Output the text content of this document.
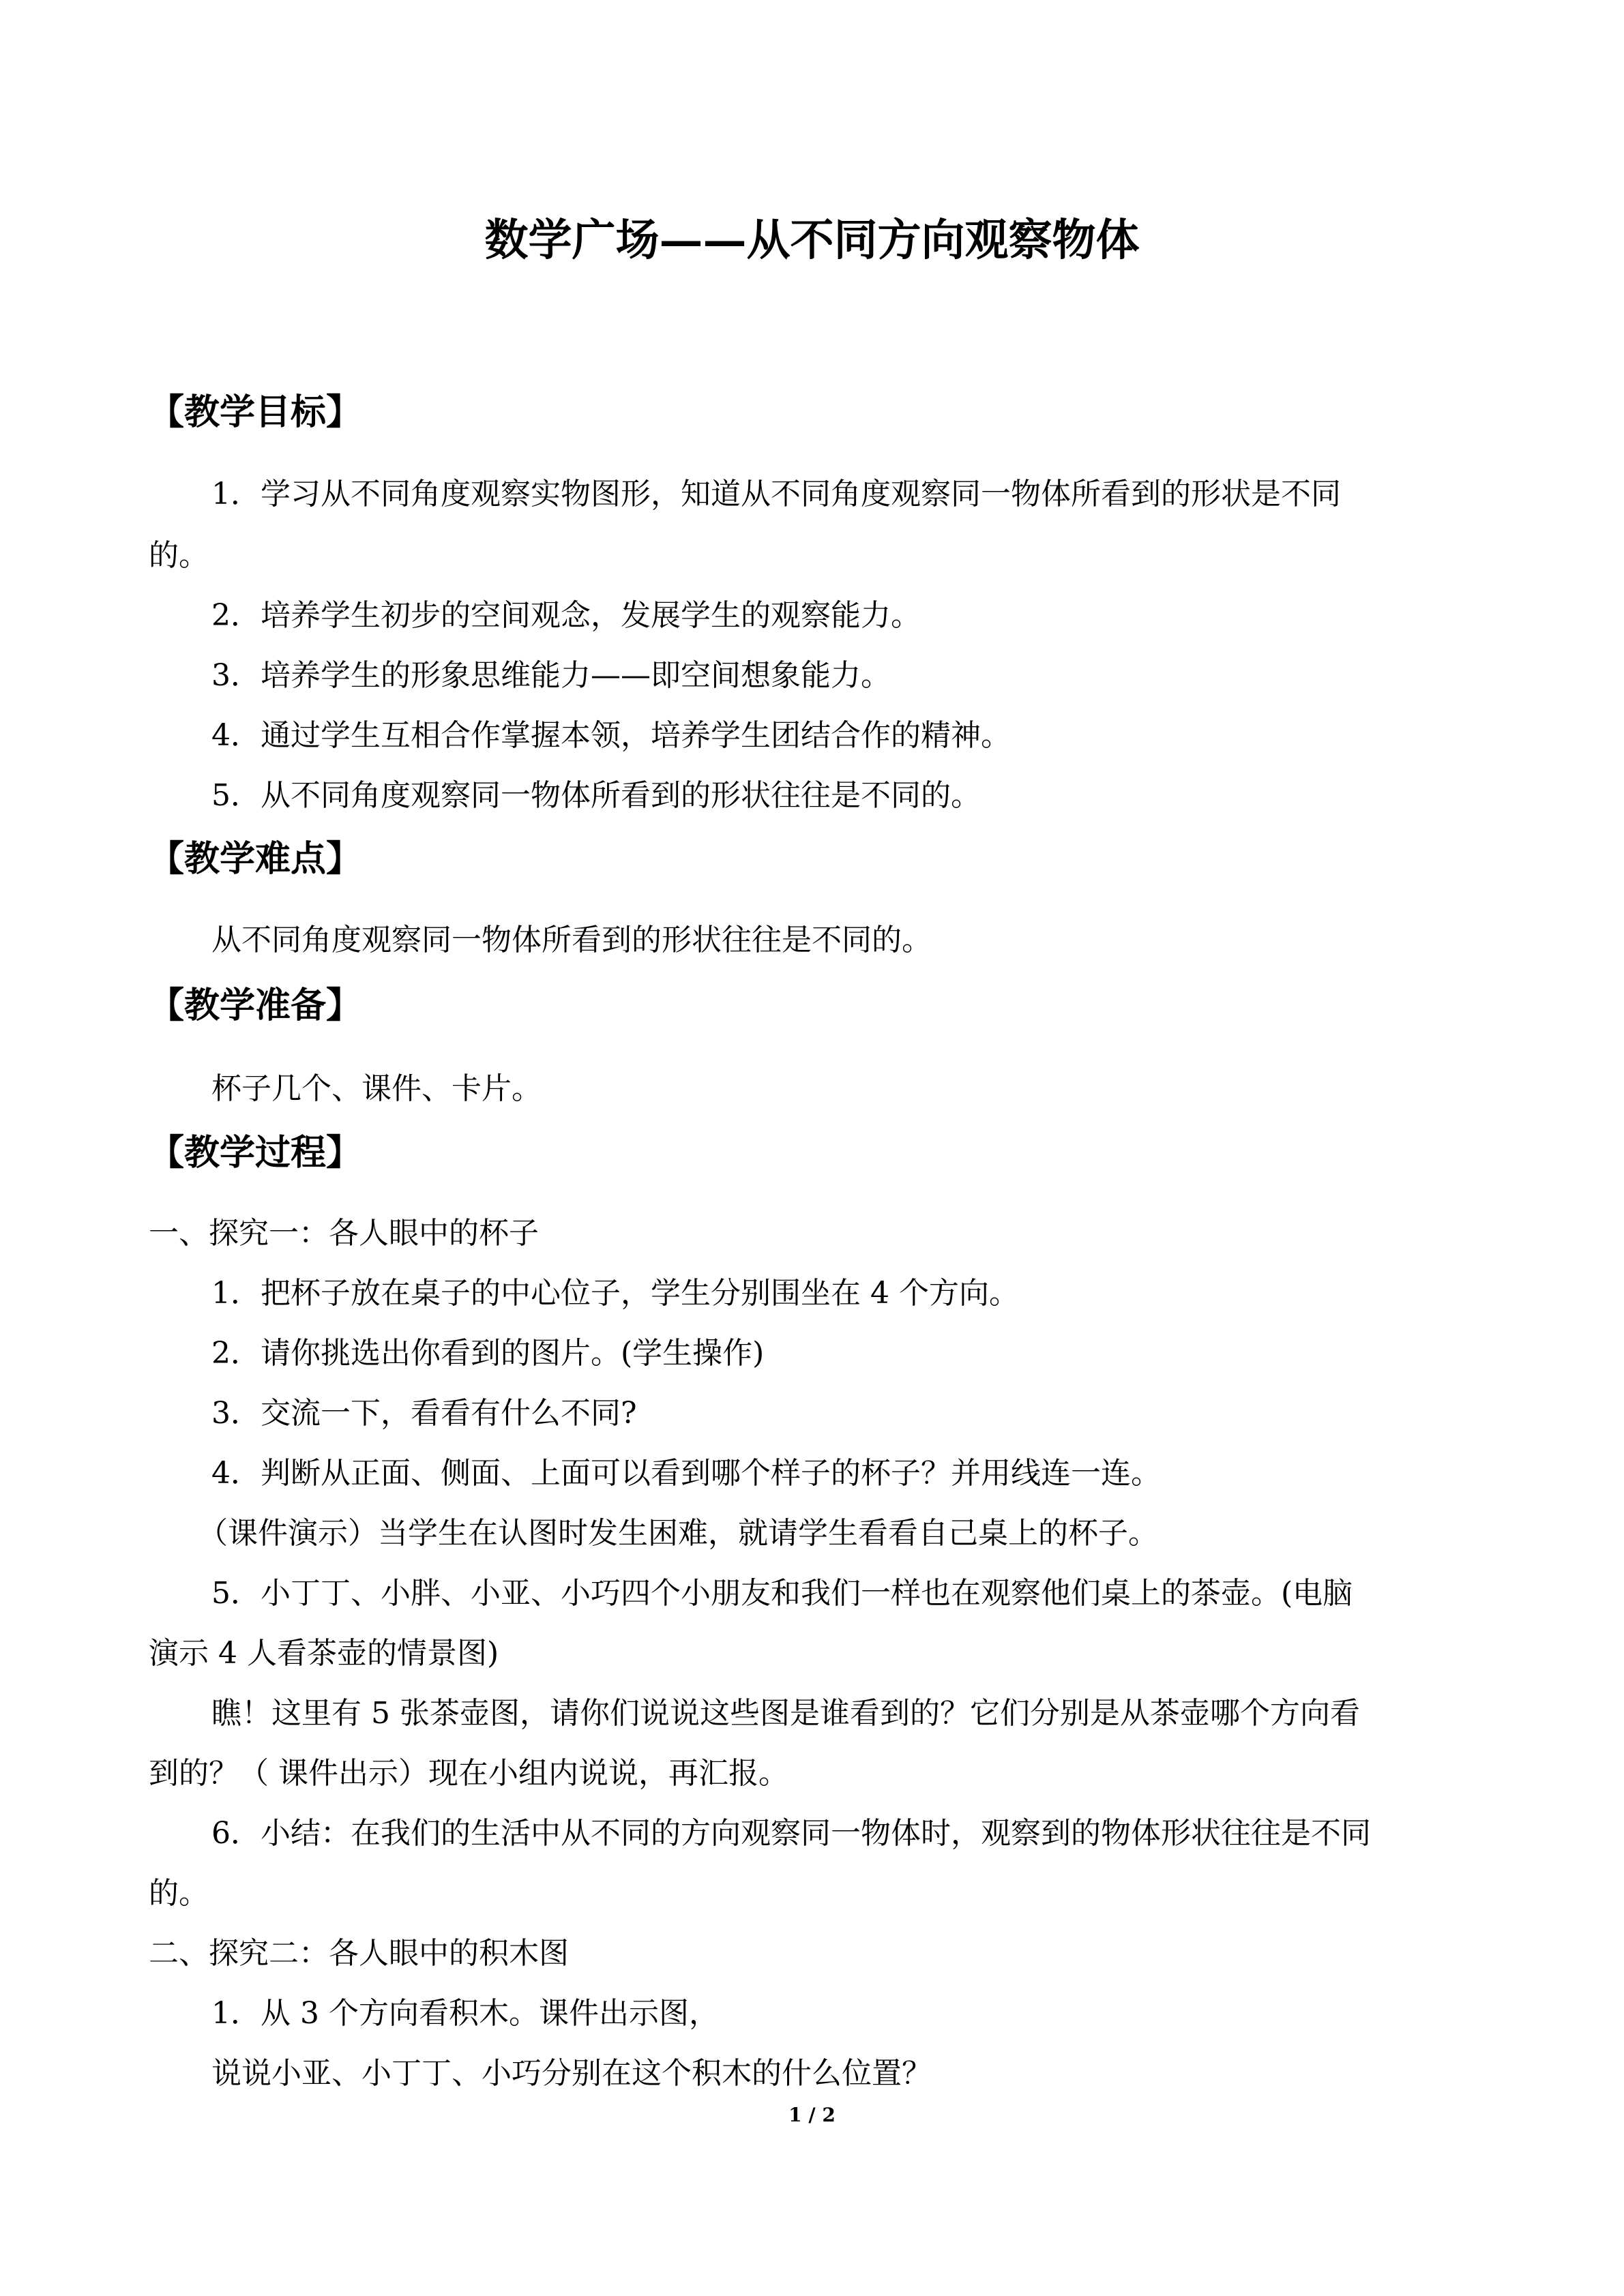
数学广场——从不同方向观察物体
【教学目标】
1．学习从不同角度观察实物图形，知道从不同角度观察同一物体所看到的形状是不同
的。
2．培养学生初步的空间观念，发展学生的观察能力。
3．培养学生的形象思维能力——即空间想象能力。
4．通过学生互相合作掌握本领，培养学生团结合作的精神。
5．从不同角度观察同一物体所看到的形状往往是不同的。
【教学难点】
从不同角度观察同一物体所看到的形状往往是不同的。
【教学准备】
杯子几个、课件、卡片。
【教学过程】
一、探究一：各人眼中的杯子
1．把杯子放在桌子的中心位子，学生分别围坐在 4 个方向。
2．请你挑选出你看到的图片。(学生操作)
3．交流一下，看看有什么不同?
4．判断从正面、侧面、上面可以看到哪个样子的杯子？并用线连一连。
（课件演示）当学生在认图时发生困难，就请学生看看自己桌上的杯子。
5．小丁丁、小胖、小亚、小巧四个小朋友和我们一样也在观察他们桌上的茶壶。(电脑
演示 4 人看茶壶的情景图)
瞧！这里有 5 张茶壶图，请你们说说这些图是谁看到的？它们分别是从茶壶哪个方向看
到的？（ 课件出示）现在小组内说说，再汇报。
6．小结：在我们的生活中从不同的方向观察同一物体时，观察到的物体形状往往是不同
的。
二、探究二：各人眼中的积木图
1．从 3 个方向看积木。课件出示图，
说说小亚、小丁丁、小巧分别在这个积木的什么位置？
1 / 2
